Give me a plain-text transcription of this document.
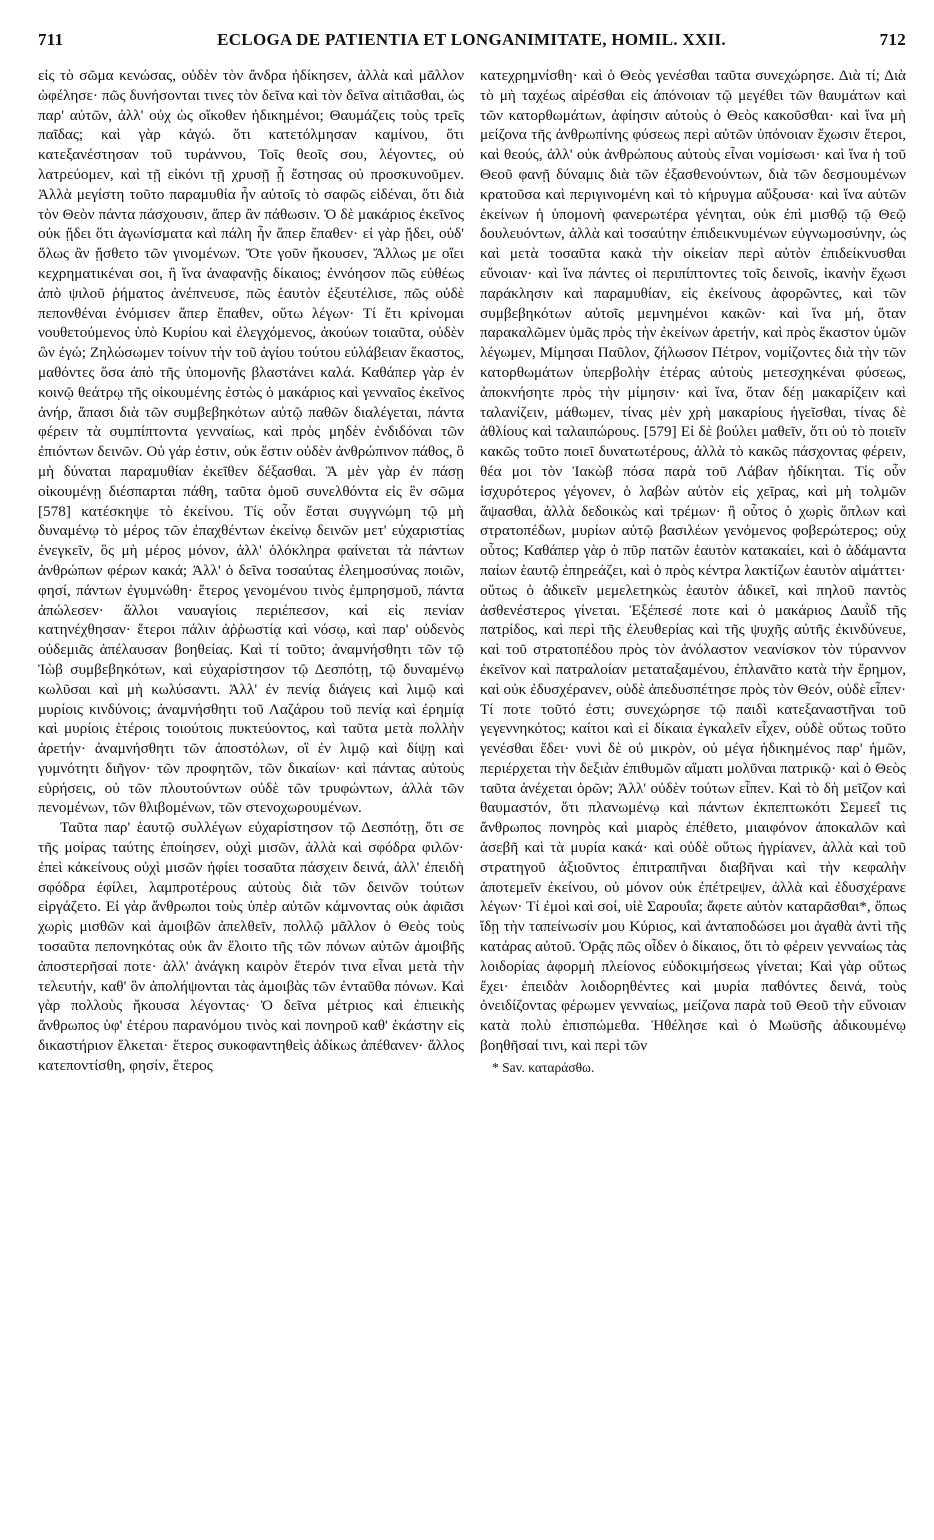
711	ECLOGA DE PATIENTIA ET LONGANIMITATE, HOMIL. XXII.	712

εἰς τὸ σῶμα κενώσας, οὐδὲν τὸν ἄνδρα ἠδίκησεν, ἀλλὰ καὶ μᾶλλον ὠφέλησε· πῶς δυνήσονται τινες τὸν δεῖνα καὶ τὸν δεῖνα αἰτιᾶσθαι, ὡς παρ' αὐτῶν, ἀλλ' οὐχ ὡς οἴκοθεν ἠδικημένοι; Θαυμάζεις τοὺς τρεῖς παῖδας; καὶ γὰρ κἀγώ. ὅτι κατετόλμησαν καμίνου, ὅτι κατεξανέστησαν τοῦ τυράννου, Τοῖς θεοῖς σου, λέγοντες, οὐ λατρεύομεν, καὶ τῇ εἰκόνι τῇ χρυσῇ ᾗ ἔστησας οὐ προσκυνοῦμεν. Ἀλλὰ μεγίστη τοῦτο παραμυθία ἦν αὐτοῖς τὸ σαφῶς εἰδέναι, ὅτι διὰ τὸν Θεὸν πάντα πάσχουσιν, ἅπερ ἂν πάθωσιν. Ὁ δὲ μακάριος ἐκεῖνος οὐκ ᾔδει ὅτι ἀγωνίσματα καὶ πάλη ἦν ἅπερ ἔπαθεν· εἰ γὰρ ᾔδει, οὐδ' ὅλως ἂν ᾔσθετο τῶν γινομένων. Ὅτε γοῦν ἤκουσεν, Ἄλλως με οἴει κεχρηματικέναι σοι, ἢ ἵνα ἀναφανῇς δίκαιος; ἐννόησον πῶς εὐθέως ἀπὸ ψιλοῦ ῥήματος ἀνέπνευσε, πῶς ἑαυτὸν ἐξευτέλισε, πῶς οὐδὲ πεπονθέναι ἐνόμισεν ἅπερ ἔπαθεν, οὕτω λέγων· Τί ἔτι κρίνομαι νουθετούμενος ὑπὸ Κυρίου καὶ ἐλεγχόμενος, ἀκούων τοιαῦτα, οὐδὲν ὢν ἐγώ; Ζηλώσωμεν τοίνυν τὴν τοῦ ἁγίου τούτου εὐλάβειαν ἕκαστος, μαθόντες ὅσα ἀπὸ τῆς ὑπομονῆς βλαστάνει καλά. Καθάπερ γὰρ ἐν κοινῷ θεάτρῳ τῆς οἰκουμένης ἑστὼς ὁ μακάριος καὶ γενναῖος ἐκεῖνος ἀνήρ, ἅπασι διὰ τῶν συμβεβηκότων αὐτῷ παθῶν διαλέγεται, πάντα φέρειν τὰ συμπίπτοντα γενναίως, καὶ πρὸς μηδὲν ἐνδιδόναι τῶν ἐπιόντων δεινῶν. Οὐ γάρ ἐστιν, οὐκ ἔστιν οὐδὲν ἀνθρώπινον πάθος, ὃ μὴ δύναται παραμυθίαν ἐκεῖθεν δέξασθαι. Ἃ μὲν γὰρ ἐν πάσῃ οἰκουμένῃ διέσπαρται πάθη, ταῦτα ὁμοῦ συνελθόντα εἰς ἓν σῶμα [578] κατέσκηψε τὸ ἐκείνου. Τίς οὖν ἔσται συγγνώμη τῷ μὴ δυναμένῳ τὸ μέρος τῶν ἐπαχθέντων ἐκείνῳ δεινῶν μετ' εὐχαριστίας ἐνεγκεῖν, ὃς μὴ μέρος μόνον, ἀλλ' ὁλόκληρα φαίνεται τὰ πάντων ἀνθρώπων φέρων κακά; Ἀλλ' ὁ δεῖνα τοσαύτας ἐλεημοσύνας ποιῶν, φησί, πάντων ἐγυμνώθη· ἕτερος γενομένου τινὸς ἐμπρησμοῦ, πάντα ἀπώλεσεν· ἄλλοι ναυαγίοις περιέπεσον, καὶ εἰς πενίαν κατηνέχθησαν· ἕτεροι πάλιν ἀῤῥωστίᾳ καὶ νόσῳ, καὶ παρ' οὐδενὸς οὐδεμιᾶς ἀπέλαυσαν βοηθείας. Καὶ τί τοῦτο; ἀναμνήσθητι τῶν τῷ Ἰὼβ συμβεβηκότων, καὶ εὐχαρίστησον τῷ Δεσπότῃ, τῷ δυναμένῳ κωλῦσαι καὶ μὴ κωλύσαντι. Ἀλλ' ἐν πενίᾳ διάγεις καὶ λιμῷ καὶ μυρίοις κινδύνοις; ἀναμνήσθητι τοῦ Λαζάρου τοῦ πενίᾳ καὶ ἐρημίᾳ καὶ μυρίοις ἑτέροις τοιούτοις πυκτεύοντος, καὶ ταῦτα μετὰ πολλὴν ἀρετήν· ἀναμνήσθητι τῶν ἀποστόλων, οἳ ἐν λιμῷ καὶ δίψῃ καὶ γυμνότητι διῆγον· τῶν προφητῶν, τῶν δικαίων· καὶ πάντας αὐτοὺς εὑρήσεις, οὐ τῶν πλουτούντων οὐδὲ τῶν τρυφώντων, ἀλλὰ τῶν πενομένων, τῶν θλιβομένων, τῶν στενοχωρουμένων.

Ταῦτα παρ' ἑαυτῷ συλλέγων εὐχαρίστησον τῷ Δεσπότῃ, ὅτι σε τῆς μοίρας ταύτης ἐποίησεν, οὐχὶ μισῶν, ἀλλὰ καὶ σφόδρα φιλῶν· ἐπεὶ κἀκείνους οὐχὶ μισῶν ἠφίει τοσαῦτα πάσχειν δεινά, ἀλλ' ἐπειδὴ σφόδρα ἐφίλει, λαμπροτέρους αὐτοὺς διὰ τῶν δεινῶν τούτων εἰργάζετο. Εἰ γὰρ ἄνθρωποι τοὺς ὑπὲρ αὐτῶν κάμνοντας οὐκ ἀφιᾶσι χωρὶς μισθῶν καὶ ἀμοιβῶν ἀπελθεῖν, πολλῷ μᾶλλον ὁ Θεὸς τοὺς τοσαῦτα πεπονηκότας οὐκ ἂν ἕλοιτο τῆς τῶν πόνων αὐτῶν ἀμοιβῆς ἀποστερῆσαί ποτε· ἀλλ' ἀνάγκη καιρὸν ἕτερόν τινα εἶναι μετὰ τὴν τελευτήν, καθ' ὃν ἀπολήψονται τὰς ἀμοιβὰς τῶν ἐνταῦθα πόνων. Καὶ γὰρ πολλοὺς ἤκουσα λέγοντας· Ὁ δεῖνα μέτριος καὶ ἐπιεικὴς ἄνθρωπος ὑφ' ἑτέρου παρανόμου τινὸς καὶ πονηροῦ καθ' ἑκάστην εἰς δικαστήριον ἕλκεται· ἕτερος συκοφαντηθεὶς ἀδίκως ἀπέθανεν· ἄλλος κατεποντίσθη, φησίν, ἕτερος

κατεχρημνίσθη· καὶ ὁ Θεὸς γενέσθαι ταῦτα συνεχώρησε. Διὰ τί; Διὰ τὸ μὴ ταχέως αἱρέσθαι εἰς ἀπόνοιαν τῷ μεγέθει τῶν θαυμάτων καὶ τῶν κατορθωμάτων, ἀφίησιν αὐτοὺς ὁ Θεὸς κακοῦσθαι· καὶ ἵνα μὴ μείζονα τῆς ἀνθρωπίνης φύσεως περὶ αὐτῶν ὑπόνοιαν ἔχωσιν ἕτεροι, καὶ θεούς, ἀλλ' οὐκ ἀνθρώπους αὐτοὺς εἶναι νομίσωσι· καὶ ἵνα ἡ τοῦ Θεοῦ φανῇ δύναμις διὰ τῶν ἐξασθενούντων, διὰ τῶν δεσμουμένων κρατοῦσα καὶ περιγινομένη καὶ τὸ κήρυγμα αὔξουσα· καὶ ἵνα αὐτῶν ἐκείνων ἡ ὑπομονὴ φανερωτέρα γένηται, οὐκ ἐπὶ μισθῷ τῷ Θεῷ δουλευόντων, ἀλλὰ καὶ τοσαύτην ἐπιδεικνυμένων εὐγνωμοσύνην, ὡς καὶ μετὰ τοσαῦτα κακὰ τὴν οἰκείαν περὶ αὐτὸν ἐπιδείκνυσθαι εὔνοιαν· καὶ ἵνα πάντες οἱ περιπίπτοντες τοῖς δεινοῖς, ἱκανὴν ἔχωσι παράκλησιν καὶ παραμυθίαν, εἰς ἐκείνους ἀφορῶντες, καὶ τῶν συμβεβηκότων αὐτοῖς μεμνημένοι κακῶν· καὶ ἵνα μή, ὅταν παρακαλῶμεν ὑμᾶς πρὸς τὴν ἐκείνων ἀρετήν, καὶ πρὸς ἕκαστον ὑμῶν λέγωμεν, Μίμησαι Παῦλον, ζήλωσον Πέτρον, νομίζοντες διὰ τὴν τῶν κατορθωμάτων ὑπερβολὴν ἑτέρας αὐτοὺς μετεσχηκέναι φύσεως, ἀποκνήσητε πρὸς τὴν μίμησιν· καὶ ἵνα, ὅταν δέῃ μακαρίζειν καὶ ταλανίζειν, μάθωμεν, τίνας μὲν χρὴ μακαρίους ἡγεῖσθαι, τίνας δὲ ἀθλίους καὶ ταλαιπώρους. [579] Εἰ δὲ βούλει μαθεῖν, ὅτι οὐ τὸ ποιεῖν κακῶς τοῦτο ποιεῖ δυνατωτέρους, ἀλλὰ τὸ κακῶς πάσχοντας φέρειν, θέα μοι τὸν Ἰακὼβ πόσα παρὰ τοῦ Λάβαν ἠδίκηται. Τίς οὖν ἰσχυρότερος γέγονεν, ὁ λαβὼν αὐτὸν εἰς χεῖρας, καὶ μὴ τολμῶν ἅψασθαι, ἀλλὰ δεδοικὼς καὶ τρέμων· ἢ οὗτος ὁ χωρὶς ὅπλων καὶ στρατοπέδων, μυρίων αὐτῷ βασιλέων γενόμενος φοβερώτερος; οὐχ οὗτος; Καθάπερ γὰρ ὁ πῦρ πατῶν ἑαυτὸν κατακαίει, καὶ ὁ ἀδάμαντα παίων ἑαυτῷ ἐπηρεάζει, καὶ ὁ πρὸς κέντρα λακτίζων ἑαυτὸν αἱμάττει· οὕτως ὁ ἀδικεῖν μεμελετηκὼς ἑαυτὸν ἀδικεῖ, καὶ πηλοῦ παντὸς ἀσθενέστερος γίνεται. Ἐξέπεσέ ποτε καὶ ὁ μακάριος Δαυῒδ τῆς πατρίδος, καὶ περὶ τῆς ἐλευθερίας καὶ τῆς ψυχῆς αὐτῆς ἐκινδύνευε, καὶ τοῦ στρατοπέδου πρὸς τὸν ἀνόλαστον νεανίσκον τὸν τύραννον ἐκεῖνον καὶ πατραλοίαν μεταταξαμένου, ἐπλανᾶτο κατὰ τὴν ἔρημον, καὶ οὐκ ἐδυσχέρανεν, οὐδὲ ἀπεδυσπέτησε πρὸς τὸν Θεόν, οὐδὲ εἶπεν· Τί ποτε τοῦτό ἐστι; συνεχώρησε τῷ παιδὶ κατεξαναστῆναι τοῦ γεγεννηκότος; καίτοι καὶ εἰ δίκαια ἐγκαλεῖν εἶχεν, οὐδὲ οὕτως τοῦτο γενέσθαι ἔδει· νυνὶ δὲ οὐ μικρὸν, οὐ μέγα ἠδικημένος παρ' ἡμῶν, περιέρχεται τὴν δεξιὰν ἐπιθυμῶν αἵματι μολῦναι πατρικῷ· καὶ ὁ Θεὸς ταῦτα ἀνέχεται ὁρῶν; Ἀλλ' οὐδὲν τούτων εἶπεν. Καὶ τὸ δὴ μεῖζον καὶ θαυμαστόν, ὅτι πλανωμένῳ καὶ πάντων ἐκπεπτωκότι Σεμεεΐ τις ἄνθρωπος πονηρὸς καὶ μιαρὸς ἐπέθετο, μιαιφόνον ἀποκαλῶν καὶ ἀσεβῆ καὶ τὰ μυρία κακά· καὶ οὐδὲ οὕτως ἠγρίανεν, ἀλλὰ καὶ τοῦ στρατηγοῦ ἀξιοῦντος ἐπιτραπῆναι διαβῆναι καὶ τὴν κεφαλὴν ἀποτεμεῖν ἐκείνου, οὐ μόνον οὐκ ἐπέτρεψεν, ἀλλὰ καὶ ἐδυσχέρανε λέγων· Τί ἐμοὶ καὶ σοί, υἱὲ Σαρουΐα; ἄφετε αὐτὸν καταρᾶσθαι*, ὅπως ἴδῃ τὴν ταπείνωσίν μου Κύριος, καὶ ἀνταποδώσει μοι ἀγαθὰ ἀντὶ τῆς κατάρας αὐτοῦ. Ὁρᾷς πῶς οἶδεν ὁ δίκαιος, ὅτι τὸ φέρειν γενναίως τὰς λοιδορίας ἀφορμὴ πλείονος εὐδοκιμήσεως γίνεται; Καὶ γὰρ οὕτως ἔχει· ἐπειδὰν λοιδορηθέντες καὶ μυρία παθόντες δεινά, τοὺς ὀνειδίζοντας φέρωμεν γενναίως, μείζονα παρὰ τοῦ Θεοῦ τὴν εὔνοιαν κατὰ πολὺ ἐπισπώμεθα. Ἠθέλησε καὶ ὁ Μωϋσῆς ἀδικουμένῳ βοηθῆσαί τινι, καὶ περὶ τῶν

* Sav. καταράσθω.
